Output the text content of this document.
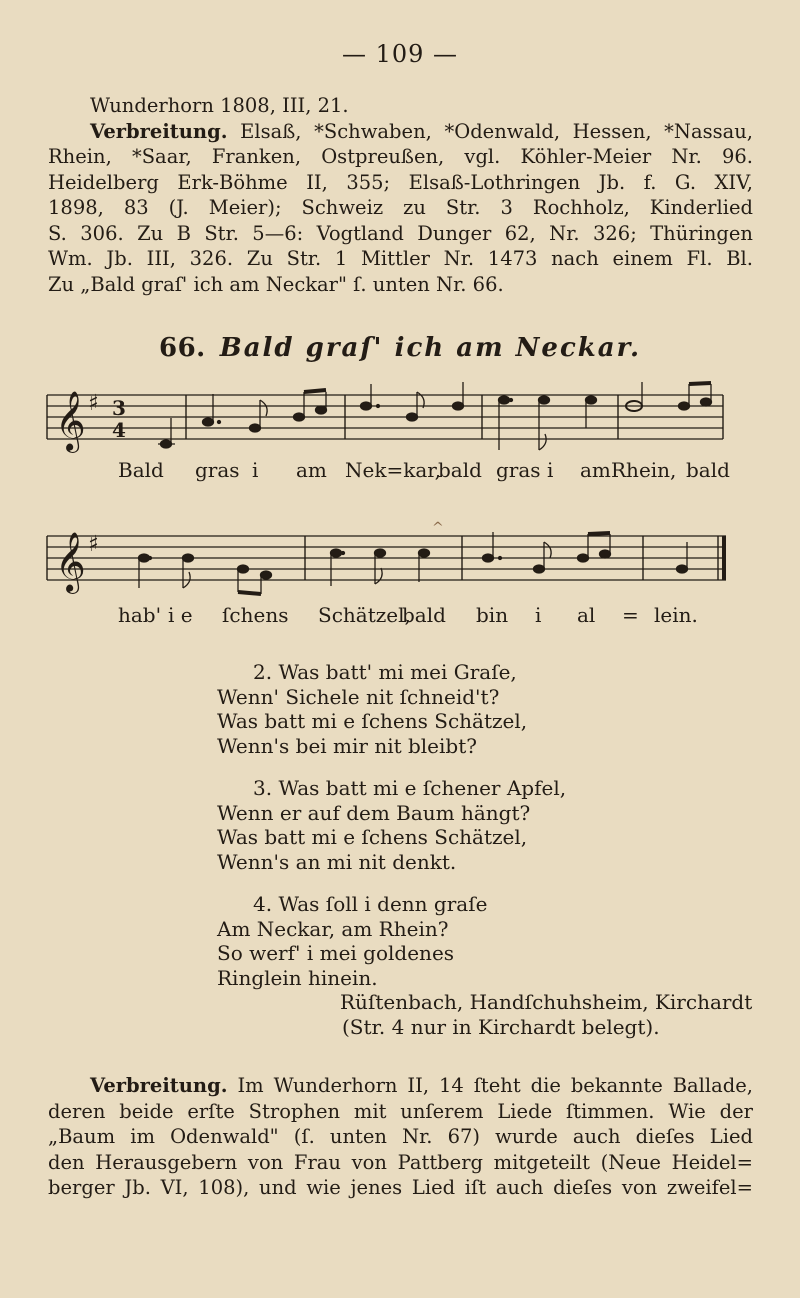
— 109 —
Wunderhorn 1808, III, 21.
Verbreitung. Elsaß, *Schwaben, *Odenwald, Hessen, *Nassau,
Rhein, *Saar, Franken, Ostpreußen, vgl. Köhler-Meier Nr. 96.
Heidelberg Erk-Böhme II, 355; Elsaß-Lothringen Jb. f. G. XIV,
1898, 83 (J. Meier); Schweiz zu Str. 3 Rochholz, Kinderlied
S. 306. Zu B Str. 5—6: Vogtland Dunger 62, Nr. 326; Thüringen
Wm. Jb. III, 326. Zu Str. 1 Mittler Nr. 1473 nach einem Fl. Bl.
Zu „Bald graſ' ich am Neckar" ſ. unten Nr. 66.
66. Bald graſ' ich am Neckar.
𝄞 ♯ 3
4
Bald gras i am Nek=kar,
bald gras i am Rhein, bald
𝄞 ♯
^
hab' i e ſchens Schätzel,
bald bin i al = lein.
2. Was batt' mi mei Graſe,
Wenn' Sichele nit ſchneid't?
Was batt mi e ſchens Schätzel,
Wenn's bei mir nit bleibt?
3. Was batt mi e ſchener Apfel,
Wenn er auf dem Baum hängt?
Was batt mi e ſchens Schätzel,
Wenn's an mi nit denkt.
4. Was ſoll i denn graſe
Am Neckar, am Rhein?
So werf' i mei goldenes
Ringlein hinein.
Rüſtenbach, Handſchuhsheim, Kirchardt
(Str. 4 nur in Kirchardt belegt).
Verbreitung. Im Wunderhorn II, 14 ſteht die bekannte Ballade,
deren beide erſte Strophen mit unſerem Liede ſtimmen. Wie der
„Baum im Odenwald" (ſ. unten Nr. 67) wurde auch dieſes Lied
den Herausgebern von Frau von Pattberg mitgeteilt (Neue Heidel=
berger Jb. VI, 108), und wie jenes Lied iſt auch dieſes von zweifel=
